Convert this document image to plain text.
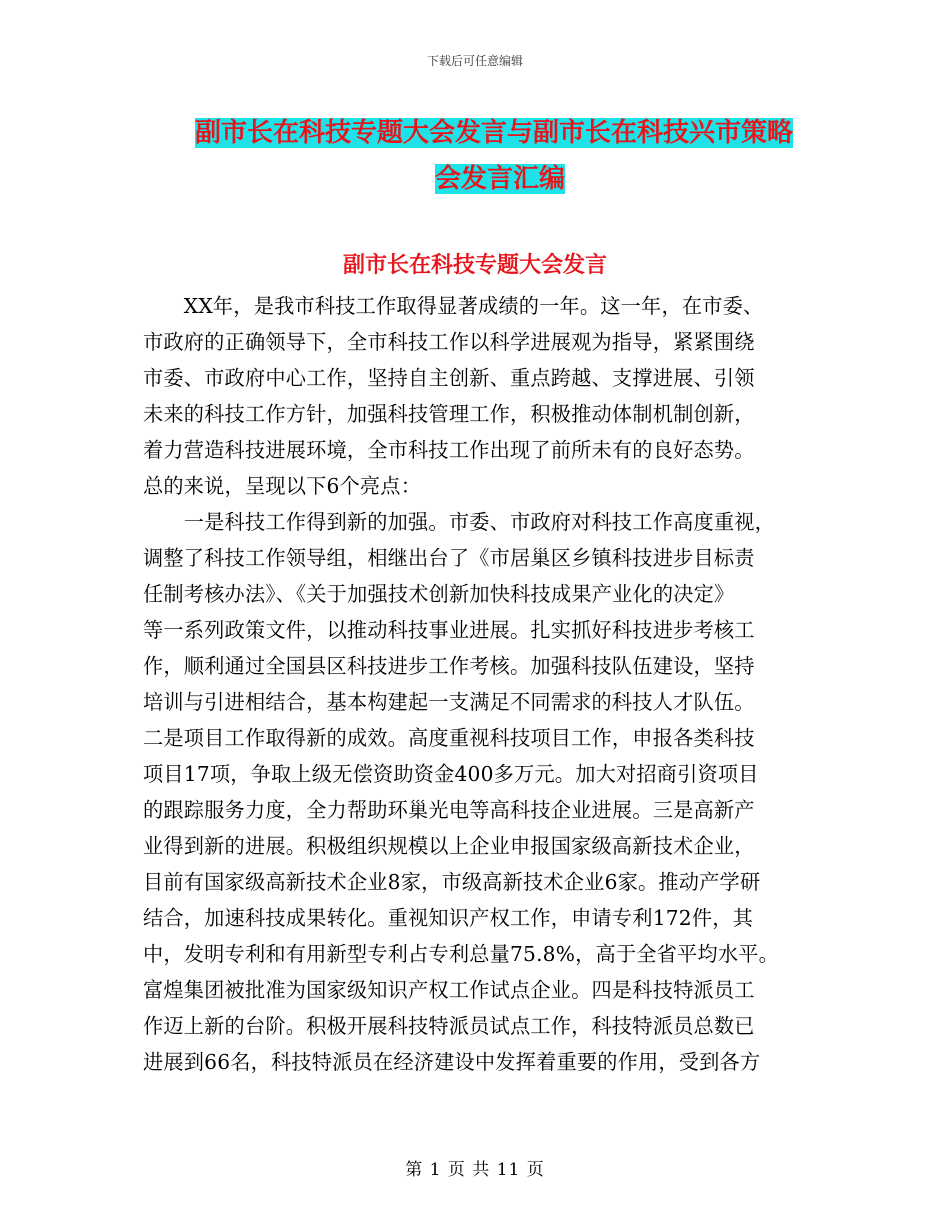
下载后可任意编辑
副市长在科技专题大会发言与副市长在科技兴市策略
会发言汇编
副市长在科技专题大会发言
　　XX年，是我市科技工作取得显著成绩的一年。这一年，在市委、
市政府的正确领导下，全市科技工作以科学进展观为指导，紧紧围绕
市委、市政府中心工作，坚持自主创新、重点跨越、支撑进展、引领
未来的科技工作方针，加强科技管理工作，积极推动体制机制创新，
着力营造科技进展环境，全市科技工作出现了前所未有的良好态势。
总的来说，呈现以下6个亮点：
　　一是科技工作得到新的加强。市委、市政府对科技工作高度重视，
调整了科技工作领导组，相继出台了《市居巢区乡镇科技进步目标责
任制考核办法》、《关于加强技术创新加快科技成果产业化的决定》
等一系列政策文件，以推动科技事业进展。扎实抓好科技进步考核工
作，顺利通过全国县区科技进步工作考核。加强科技队伍建设，坚持
培训与引进相结合，基本构建起一支满足不同需求的科技人才队伍。
二是项目工作取得新的成效。高度重视科技项目工作，申报各类科技
项目17项，争取上级无偿资助资金400多万元。加大对招商引资项目
的跟踪服务力度，全力帮助环巢光电等高科技企业进展。三是高新产
业得到新的进展。积极组织规模以上企业申报国家级高新技术企业，
目前有国家级高新技术企业8家，市级高新技术企业6家。推动产学研
结合，加速科技成果转化。重视知识产权工作，申请专利172件，其
中，发明专利和有用新型专利占专利总量75.8%，高于全省平均水平。
富煌集团被批准为国家级知识产权工作试点企业。四是科技特派员工
作迈上新的台阶。积极开展科技特派员试点工作，科技特派员总数已
进展到66名，科技特派员在经济建设中发挥着重要的作用，受到各方
第 1 页 共 11 页
